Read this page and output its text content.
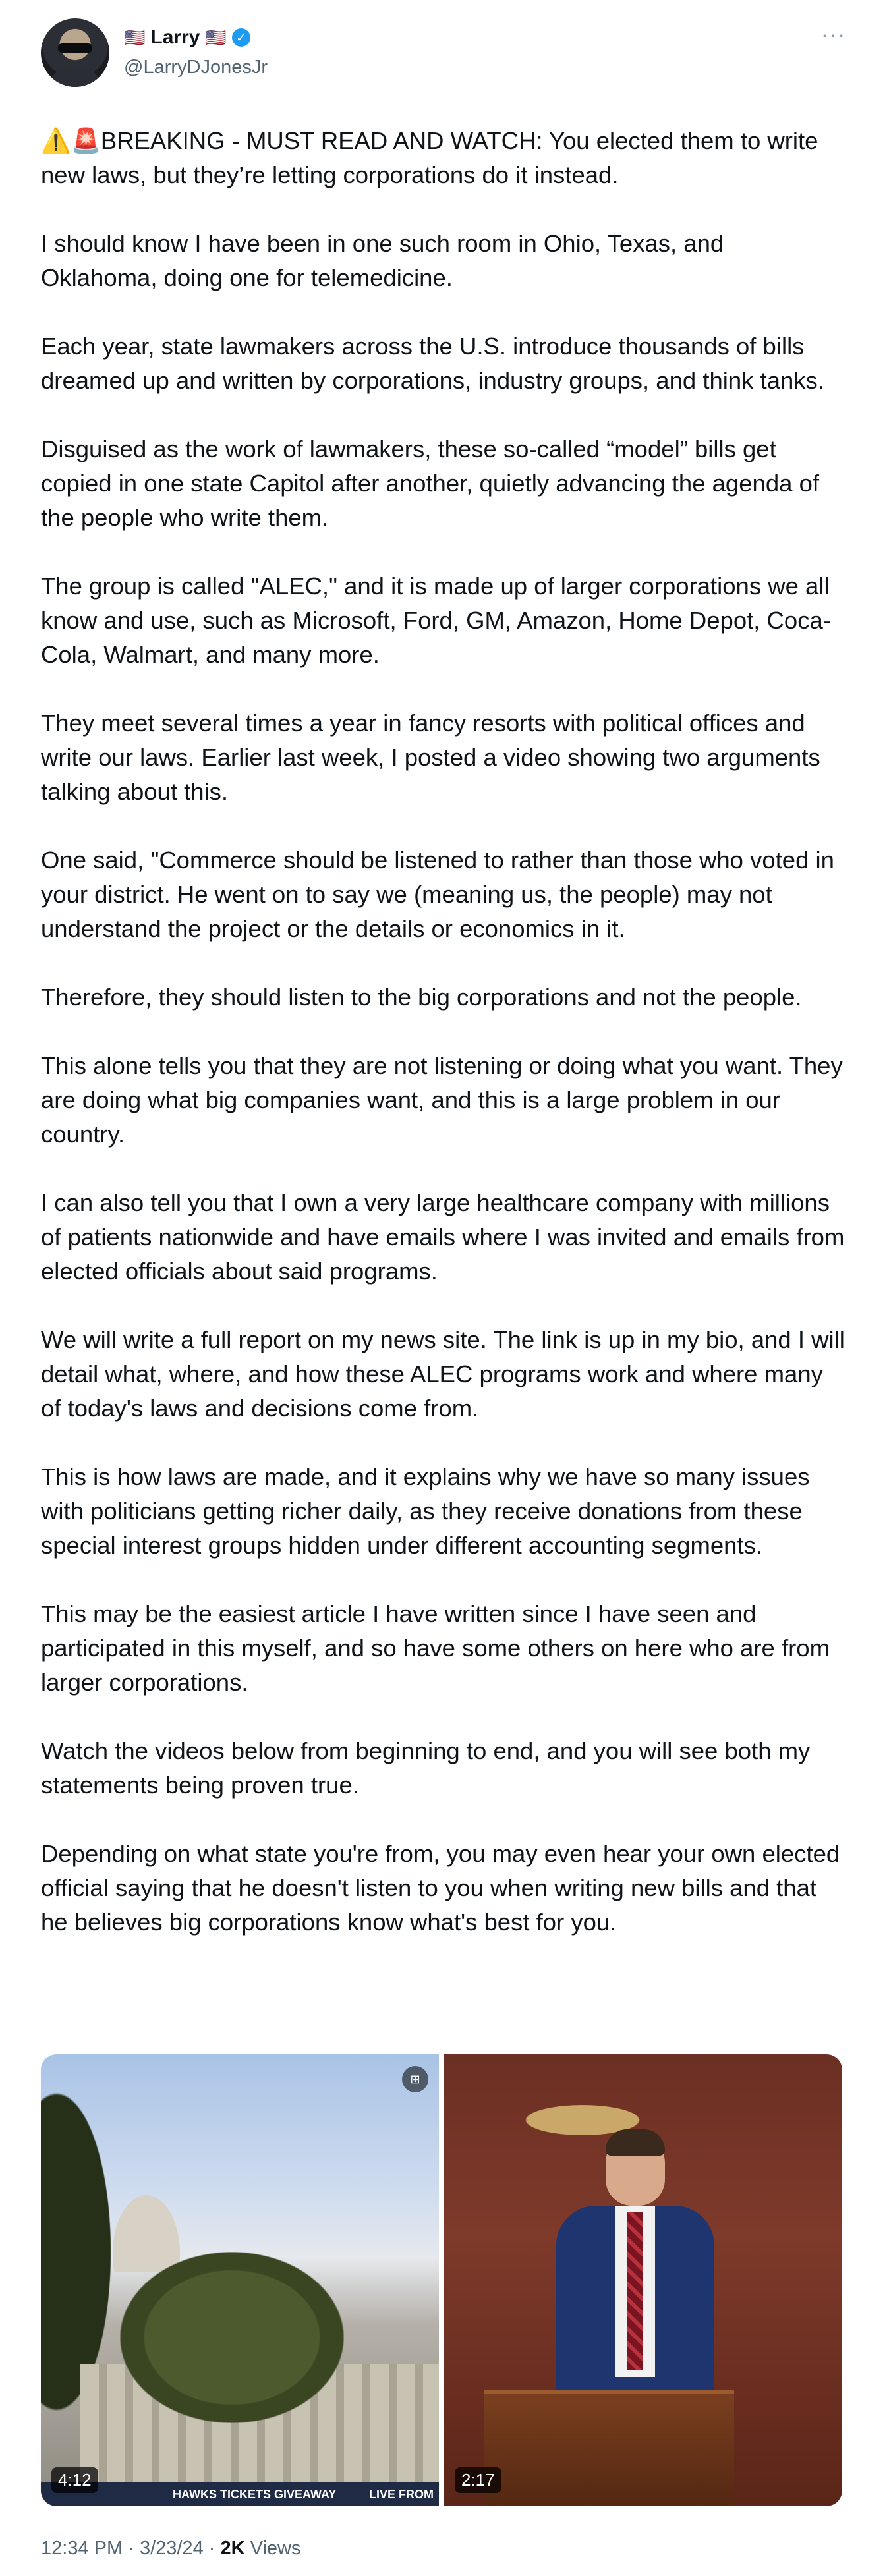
🇺🇸 Larry 🇺🇸 ✓
@LarryDJonesJr
···

⚠️🚨BREAKING - MUST READ AND WATCH: You elected them to write new laws, but they’re letting corporations do it instead.

I should know I have been in one such room in Ohio, Texas, and Oklahoma, doing one for telemedicine.

Each year, state lawmakers across the U.S. introduce thousands of bills dreamed up and written by corporations, industry groups, and think tanks.

Disguised as the work of lawmakers, these so-called “model” bills get copied in one state Capitol after another, quietly advancing the agenda of the people who write them.

The group is called "ALEC," and it is made up of larger corporations we all know and use, such as Microsoft, Ford, GM, Amazon, Home Depot, Coca-Cola, Walmart, and many more.

They meet several times a year in fancy resorts with political offices and write our laws. Earlier last week, I posted a video showing two arguments talking about this.

One said, "Commerce should be listened to rather than those who voted in your district. He went on to say we (meaning us, the people) may not understand the project or the details or economics in it.

Therefore, they should listen to the big corporations and not the people.

This alone tells you that they are not listening or doing what you want. They are doing what big companies want, and this is a large problem in our country.

I can also tell you that I own a very large healthcare company with millions of patients nationwide and have emails where I was invited and emails from elected officials about said programs.

We will write a full report on my news site. The link is up in my bio, and I will detail what, where, and how these ALEC programs work and where many of today's laws and decisions come from.

This is how laws are made, and it explains why we have so many issues with politicians getting richer daily, as they receive donations from these special interest groups hidden under different accounting segments.

This may be the easiest article I have written since I have seen and participated in this myself, and so have some others on here who are from larger corporations.

Watch the videos below from beginning to end, and you will see both my statements being proven true.

Depending on what state you're from, you may even hear your own elected official saying that he doesn't listen to you when writing new bills and that he believes big corporations know what's best for you.

HAWKS TICKETS GIVEAWAY	LIVE FROM
⊞
4:12	2:17
12:34 PM · 3/23/24 · 2K Views
